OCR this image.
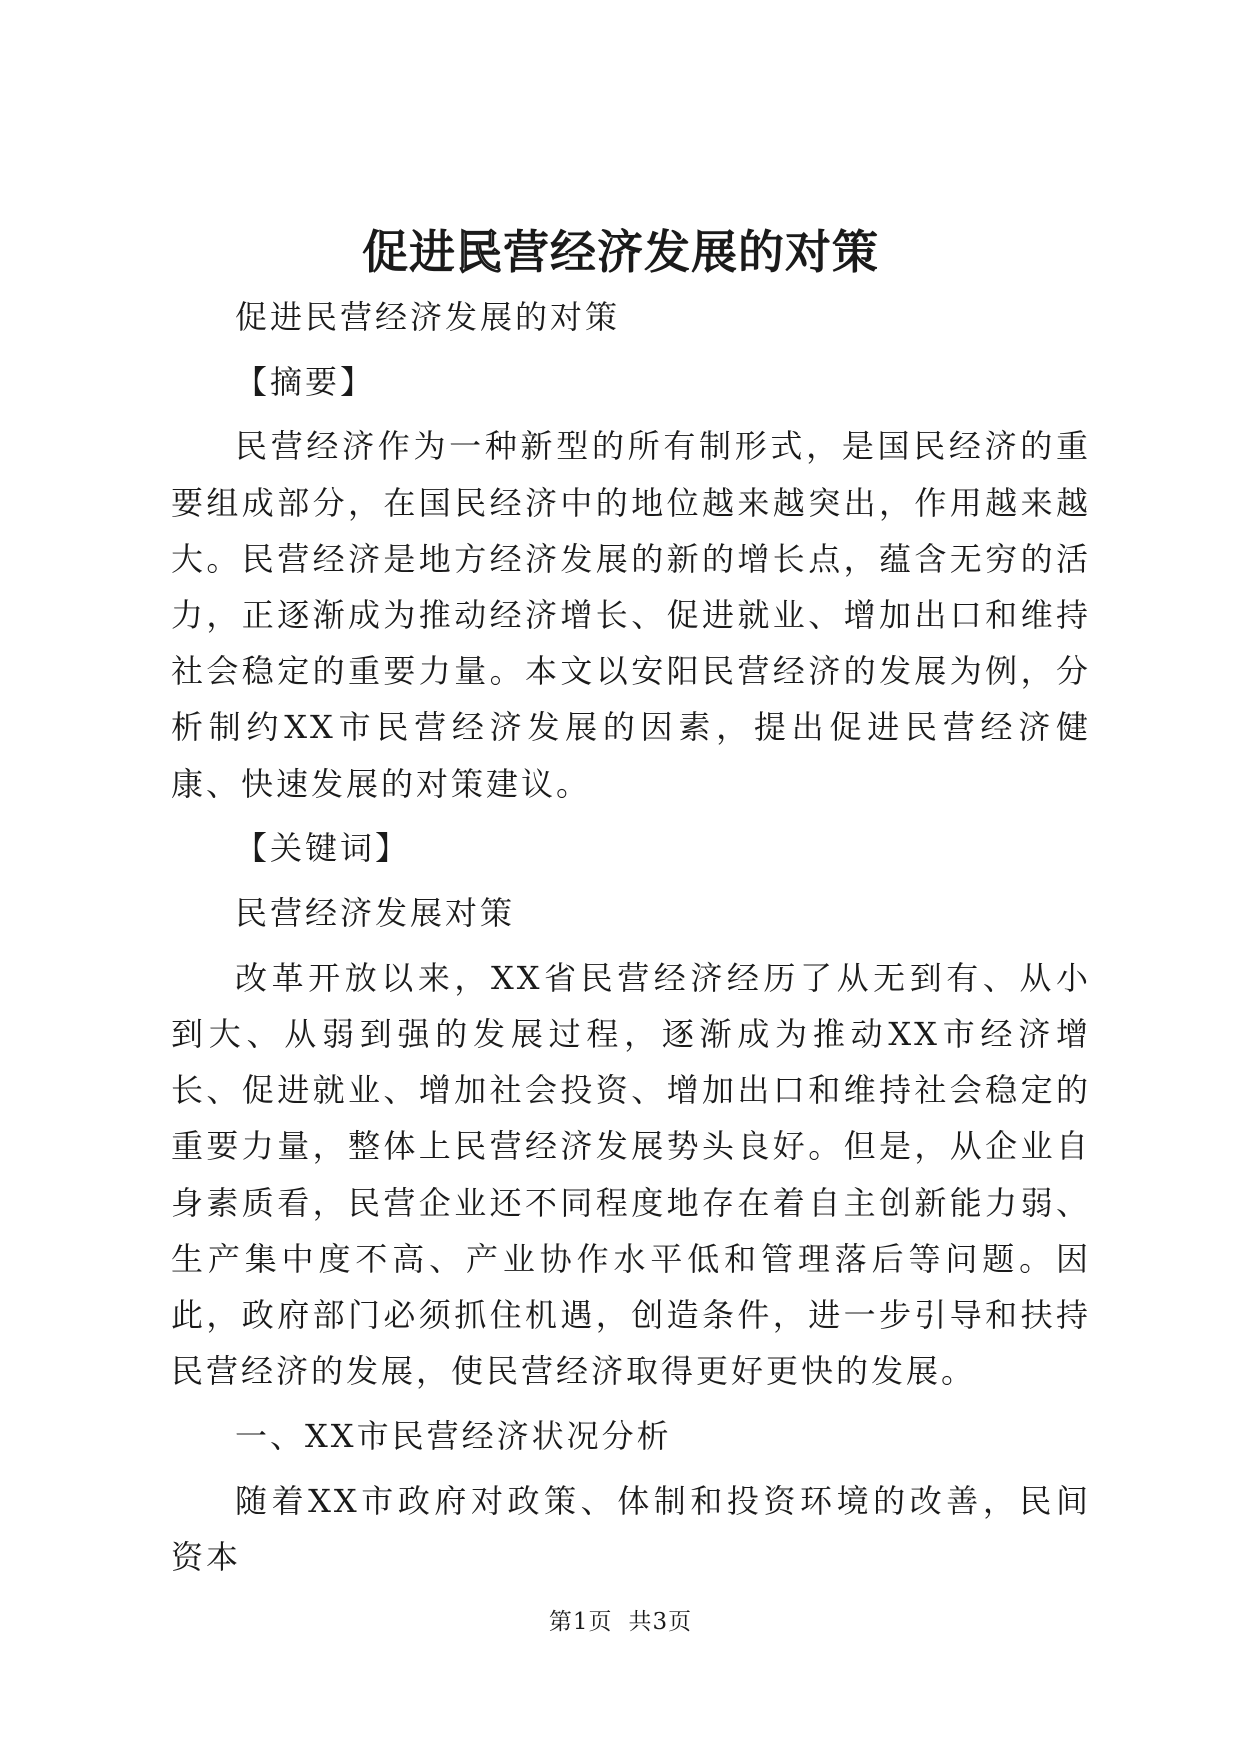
促进民营经济发展的对策

促进民营经济发展的对策

【摘要】

民营经济作为一种新型的所有制形式，是国民经济的重要组成部分，在国民经济中的地位越来越突出，作用越来越大。民营经济是地方经济发展的新的增长点，蕴含无穷的活力，正逐渐成为推动经济增长、促进就业、增加出口和维持社会稳定的重要力量。本文以安阳民营经济的发展为例，分析制约XX市民营经济发展的因素，提出促进民营经济健康、快速发展的对策建议。

【关键词】

民营经济发展对策

改革开放以来，XX省民营经济经历了从无到有、从小到大、从弱到强的发展过程，逐渐成为推动XX市经济增长、促进就业、增加社会投资、增加出口和维持社会稳定的重要力量，整体上民营经济发展势头良好。但是，从企业自身素质看，民营企业还不同程度地存在着自主创新能力弱、生产集中度不高、产业协作水平低和管理落后等问题。因此，政府部门必须抓住机遇，创造条件，进一步引导和扶持民营经济的发展，使民营经济取得更好更快的发展。

一、XX市民营经济状况分析

随着XX市政府对政策、体制和投资环境的改善，民间资本

第1页 共3页
